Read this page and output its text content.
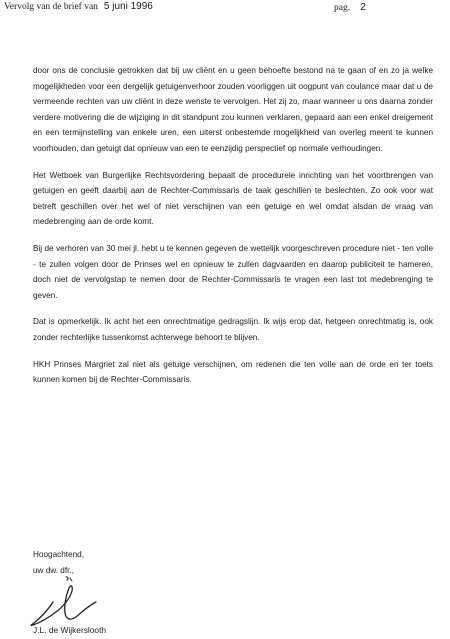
Vervolg van de brief van 5 juni 1996	pag. 2

door ons de conclusie getrokken dat bij uw cliënt en u geen behoefte bestond na te gaan of en zo ja welke mogelijkheden voor een dergelijk getuigenverhoor zouden voorliggen uit oogpunt van coulance maar dat u de vermeende rechten van uw cliënt in deze wenste te vervolgen. Het zij zo, maar wanneer u ons daarna zonder verdere motivering die de wijziging in dit standpunt zou kunnen verklaren, gepaard aan een enkel dreigement en een termijnstelling van enkele uren, een uiterst onbestemde mogelijkheid van overleg meent te kunnen voorhouden, dan getuigt dat opnieuw van een te eenzijdig perspectief op normale verhoudingen.

Het Wetboek van Burgerlijke Rechtsvordering bepaalt de procedurele inrichting van het voortbrengen van getuigen en geeft daarbij aan de Rechter-Commissaris de taak geschillen te beslechten. Zo ook voor wat betreft geschillen over het wel of niet verschijnen van een getuige en wel omdat alsdan de vraag van medebrenging aan de orde komt.

Bij de verhoren van 30 mei jl. hebt u te kennen gegeven de wettelijk voorgeschreven procedure niet - ten volle - te zullen volgen door de Prinses wel en opnieuw te zullen dagvaarden en daarop publiciteit te hameren, doch niet de vervolgstap te nemen door de Rechter-Commissaris te vragen een last tot medebrenging te geven.

Dat is opmerkelijk. Ik acht het een onrechtmatige gedragslijn. Ik wijs erop dat, hetgeen onrechtmatig is, ook zonder rechterlijke tussenkomst achterwege behoort te blijven.

HKH Prinses Margriet zal niet als getuige verschijnen, om redenen die ten volle aan de orde en ter toets kunnen komen bij de Rechter-Commissaris.

Hoogachtend,

uw dw. dfr.,

J.L. de Wijkerslooth
